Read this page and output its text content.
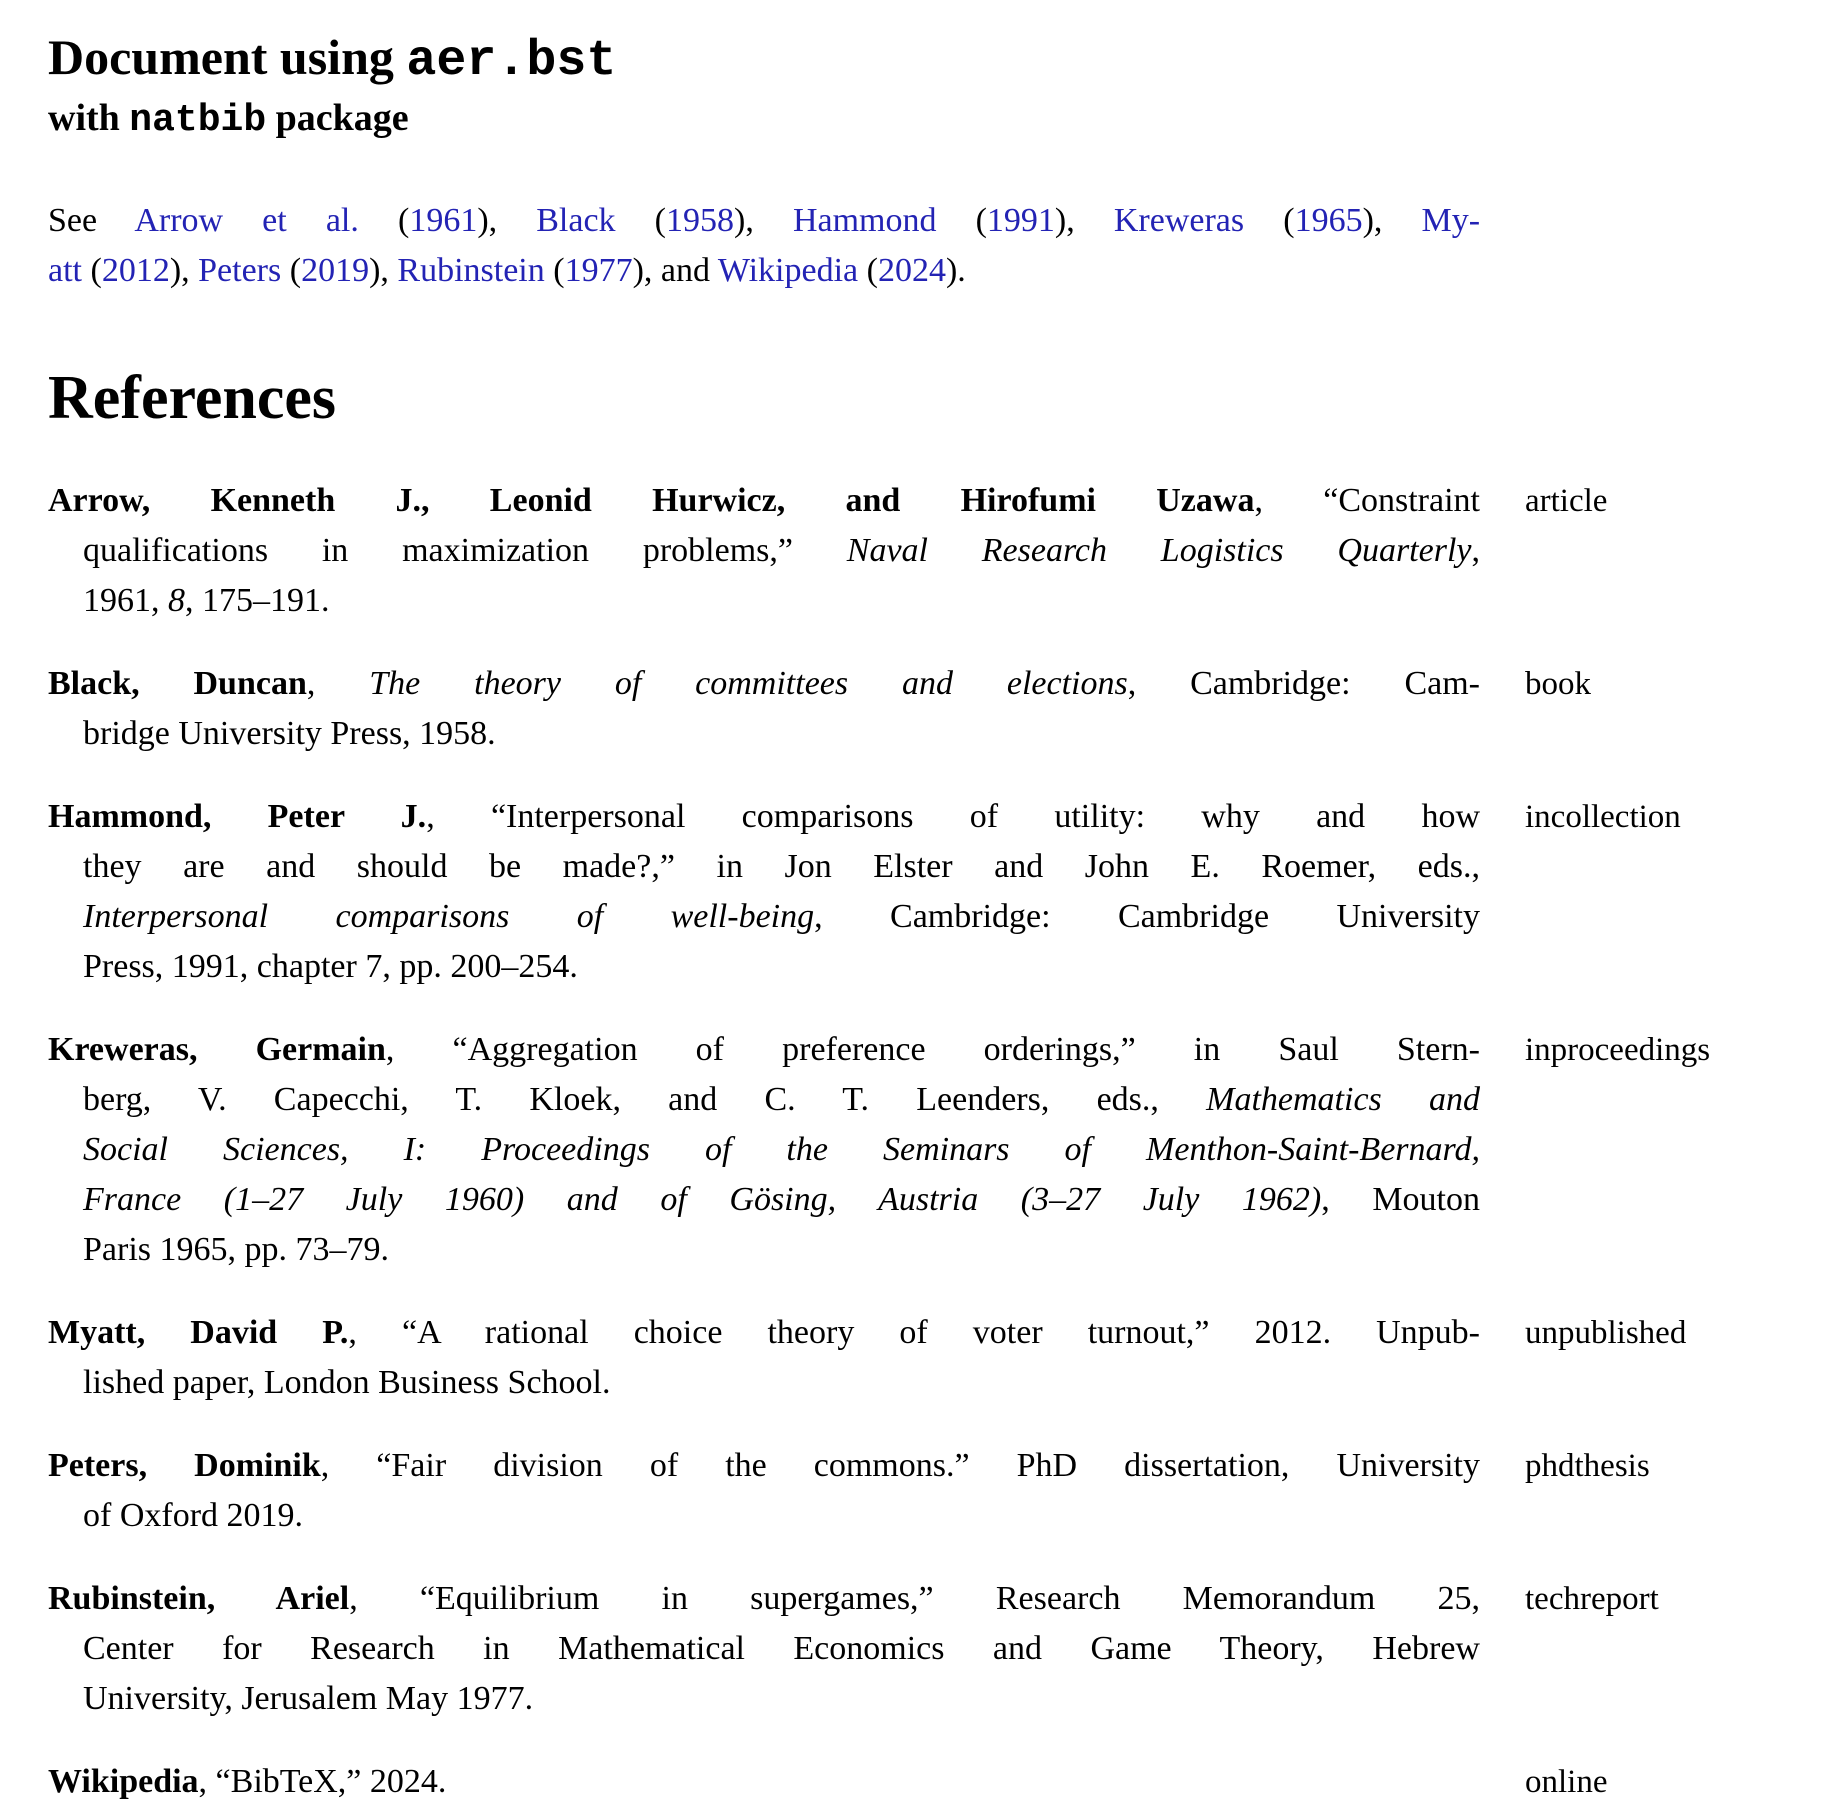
Document using aer.bst
with natbib package
See Arrow et al. (1961), Black (1958), Hammond (1991), Kreweras (1965), My-
att (2012), Peters (2019), Rubinstein (1977), and Wikipedia (2024).
References
Arrow, Kenneth J., Leonid Hurwicz, and Hirofumi Uzawa, “Constraint
qualifications in maximization problems,” Naval Research Logistics Quarterly,
1961, 8, 175–191.
article
Black, Duncan, The theory of committees and elections, Cambridge: Cam-
bridge University Press, 1958.
book
Hammond, Peter J., “Interpersonal comparisons of utility: why and how
they are and should be made?,” in Jon Elster and John E. Roemer, eds.,
Interpersonal comparisons of well-being, Cambridge: Cambridge University
Press, 1991, chapter 7, pp. 200–254.
incollection
Kreweras, Germain, “Aggregation of preference orderings,” in Saul Stern-
berg, V. Capecchi, T. Kloek, and C. T. Leenders, eds., Mathematics and
Social Sciences, I: Proceedings of the Seminars of Menthon-Saint-Bernard,
France (1–27 July 1960) and of Gösing, Austria (3–27 July 1962), Mouton
Paris 1965, pp. 73–79.
inproceedings
Myatt, David P., “A rational choice theory of voter turnout,” 2012. Unpub-
lished paper, London Business School.
unpublished
Peters, Dominik, “Fair division of the commons.” PhD dissertation, University
of Oxford 2019.
phdthesis
Rubinstein, Ariel, “Equilibrium in supergames,” Research Memorandum 25,
Center for Research in Mathematical Economics and Game Theory, Hebrew
University, Jerusalem May 1977.
techreport
Wikipedia, “BibTeX,” 2024.	online
